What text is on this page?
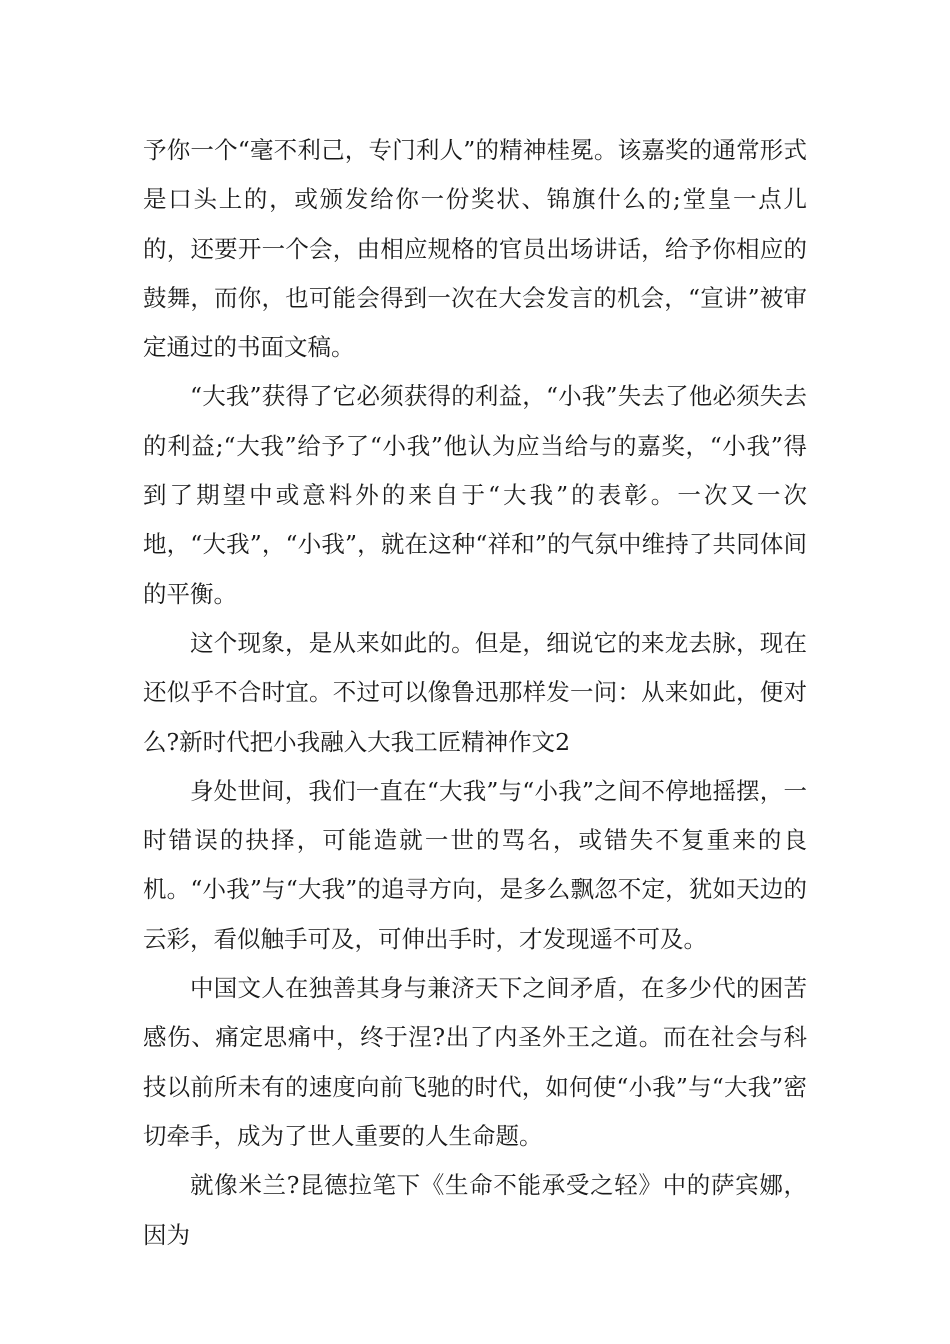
予你一个“毫不利己，专门利人”的精神桂冕。该嘉奖的通常形式是口头上的，或颁发给你一份奖状、锦旗什么的;堂皇一点儿的，还要开一个会，由相应规格的官员出场讲话，给予你相应的鼓舞，而你，也可能会得到一次在大会发言的机会，“宣讲”被审定通过的书面文稿。

“大我”获得了它必须获得的利益，“小我”失去了他必须失去的利益;“大我”给予了“小我”他认为应当给与的嘉奖，“小我”得到了期望中或意料外的来自于“大我”的表彰。一次又一次地，“大我”，“小我”，就在这种“祥和”的气氛中维持了共同体间的平衡。

这个现象，是从来如此的。但是，细说它的来龙去脉，现在还似乎不合时宜。不过可以像鲁迅那样发一问：从来如此，便对么?新时代把小我融入大我工匠精神作文2

身处世间，我们一直在“大我”与“小我”之间不停地摇摆，一时错误的抉择，可能造就一世的骂名，或错失不复重来的良机。“小我”与“大我”的追寻方向，是多么飘忽不定，犹如天边的云彩，看似触手可及，可伸出手时，才发现遥不可及。

中国文人在独善其身与兼济天下之间矛盾，在多少代的困苦感伤、痛定思痛中，终于涅?出了内圣外王之道。而在社会与科技以前所未有的速度向前飞驰的时代，如何使“小我”与“大我”密切牵手，成为了世人重要的人生命题。

就像米兰?昆德拉笔下《生命不能承受之轻》中的萨宾娜，因为
